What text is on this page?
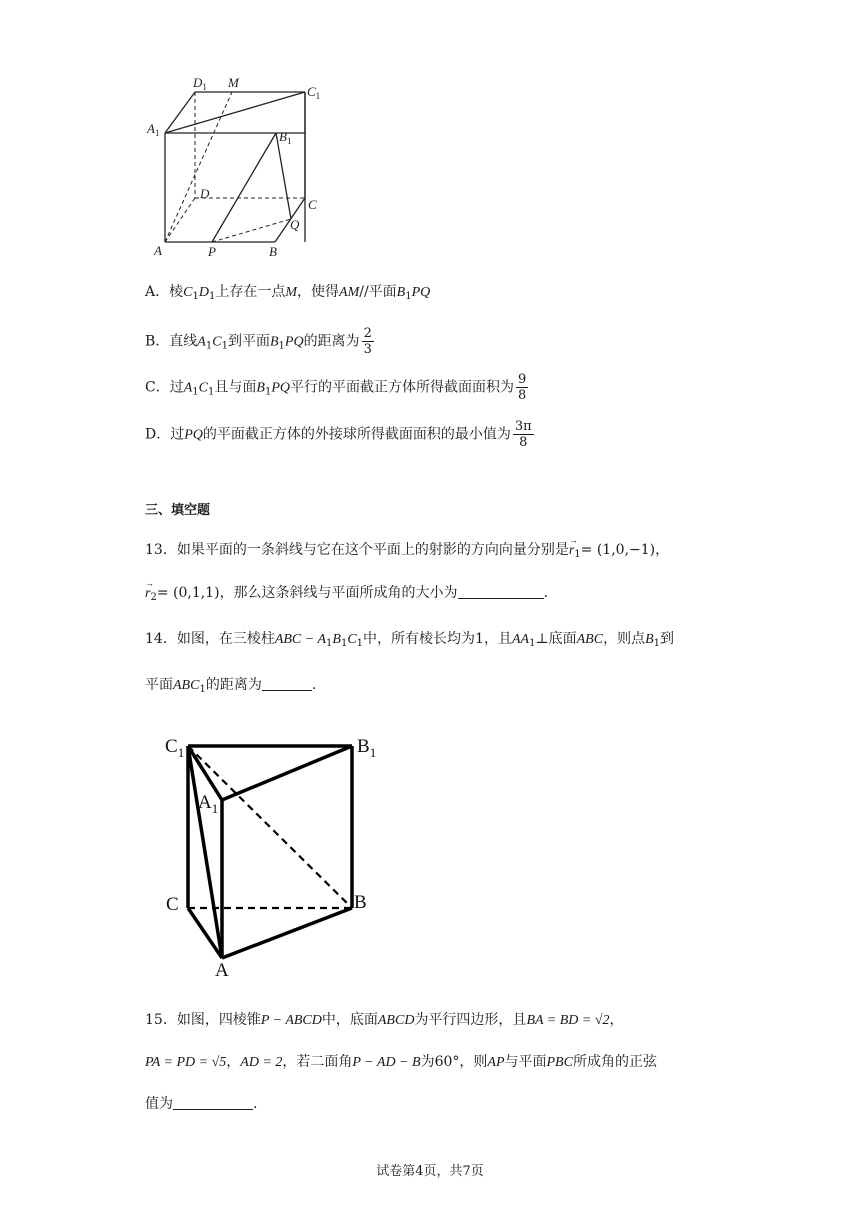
$D_1$ M
$C_1$
$A_1$	$B_1$
D
C
Q
A	P	B
A．棱$C_1D_1$上存在一点M，使得AM//平面$B_1PQ$
B．直线$A_1C_1$到平面$B_1PQ$的距离为 $\frac{2}{3}$
C．过$A_1C_1$且与面$B_1PQ$平行的平面截正方体所得截面面积为 $\frac{9}{8}$
D．过PQ的平面截正方体的外接球所得截面面积的最小值为 $\frac{3\pi}{8}$
三、填空题
13．如果平面的一条斜线与它在这个平面上的射影的方向向量分别是→ $r_1= (1,0,-1)$，
→ $r_2= (0,1,1)$，那么这条斜线与平面所成角的大小为	.
14．如图，在三棱柱ABC − $A_1B_1C_1$中，所有棱长均为1，且$AA_1\perp$底面ABC，则点$B_1$到
平面$ABC_1$的距离为	.
$C_1$	$B_1$
$A_1$
C	B
A
15．如图，四棱锥P − ABCD中，底面ABCD为平行四边形，且BA = BD = √2，
PA = PD = √5，AD = 2，若二面角P − AD − B为60°，则AP与平面PBC所成角的正弦
值为	.
试卷第4页，共7页
